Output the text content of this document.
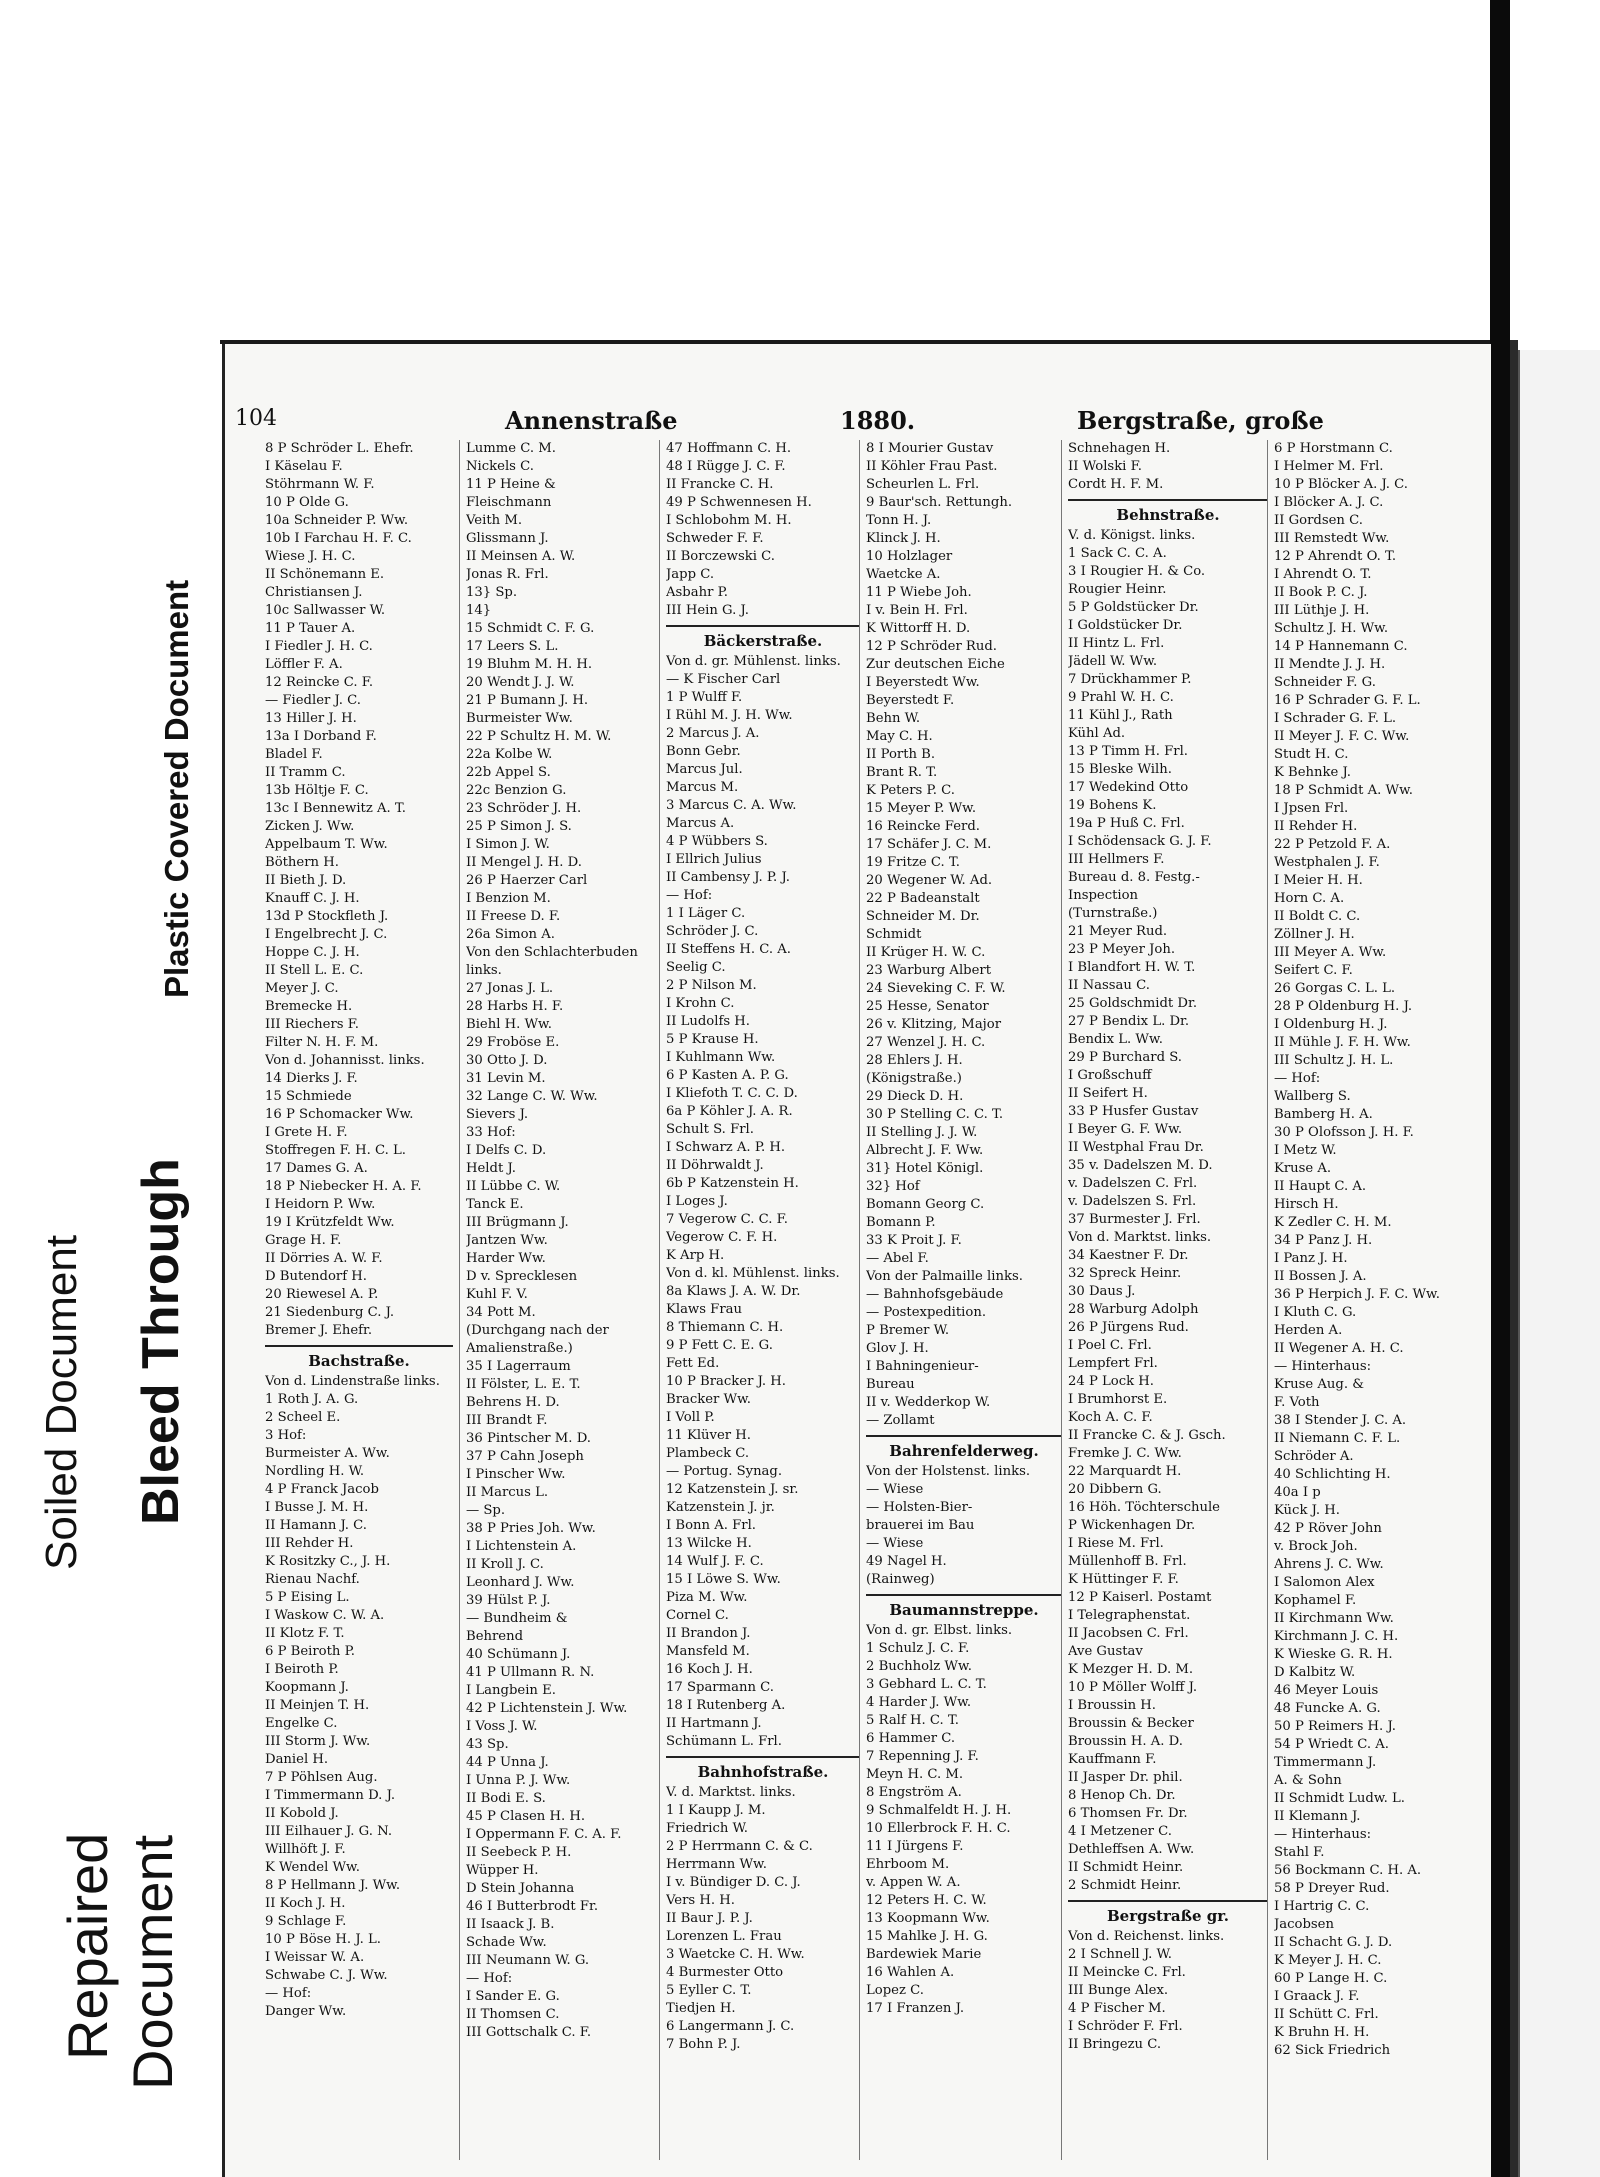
Soiled Document Bleed Through
Plastic Covered Document
Repaired Document
104	Annenstraße	1880.	Bergstraße, große
8 P Schröder L. Ehefr.
I Käselau F.
Stöhrmann W. F.
10 P Olde G.
10a Schneider P. Ww.
10b I Farchau H. F. C.
Wiese J. H. C.
II Schönemann E.
Christiansen J.
10c Sallwasser W.
11 P Tauer A.
I Fiedler J. H. C.
Löffler F. A.
12 Reincke C. F.
— Fiedler J. C.
13 Hiller J. H.
13a I Dorband F.
Bladel F.
II Tramm C.
13b Höltje F. C.
13c I Bennewitz A. T.
Zicken J. Ww.
Appelbaum T. Ww.
Böthern H.
II Bieth J. D.
Knauff C. J. H.
13d P Stockfleth J.
I Engelbrecht J. C.
Hoppe C. J. H.
II Stell L. E. C.
Meyer J. C.
Bremecke H.
III Riechers F.
Filter N. H. F. M.
Von d. Johannisst. links.
14 Dierks J. F.
15 Schmiede
16 P Schomacker Ww.
I Grete H. F.
Stoffregen F. H. C. L.
17 Dames G. A.
18 P Niebecker H. A. F.
I Heidorn P. Ww.
19 I Krützfeldt Ww.
Grage H. F.
II Dörries A. W. F.
D Butendorf H.
20 Riewesel A. P.
21 Siedenburg C. J.
Bremer J. Ehefr.
Bachstraße.
Von d. Lindenstraße links.
1 Roth J. A. G.
2 Scheel E.
3 Hof:
Burmeister A. Ww.
Nordling H. W.
4 P Franck Jacob
I Busse J. M. H.
II Hamann J. C.
III Rehder H.
K Rositzky C., J. H.
Rienau Nachf.
5 P Eising L.
I Waskow C. W. A.
II Klotz F. T.
6 P Beiroth P.
I Beiroth P.
Koopmann J.
II Meinjen T. H.
Engelke C.
III Storm J. Ww.
Daniel H.
7 P Pöhlsen Aug.
I Timmermann D. J.
II Kobold J.
III Eilhauer J. G. N.
Willhöft J. F.
K Wendel Ww.
8 P Hellmann J. Ww.
II Koch J. H.
9 Schlage F.
10 P Böse H. J. L.
I Weissar W. A.
Schwabe C. J. Ww.
— Hof:
Danger Ww.
Lumme C. M.
Nickels C.
11 P Heine &
Fleischmann
Veith M.
Glissmann J.
II Meinsen A. W.
Jonas R. Frl.
13} Sp.
14}
15 Schmidt C. F. G.
17 Leers S. L.
19 Bluhm M. H. H.
20 Wendt J. J. W.
21 P Bumann J. H.
Burmeister Ww.
22 P Schultz H. M. W.
22a Kolbe W.
22b Appel S.
22c Benzion G.
23 Schröder J. H.
25 P Simon J. S.
I Simon J. W.
II Mengel J. H. D.
26 P Haerzer Carl
I Benzion M.
II Freese D. F.
26a Simon A.
Von den Schlachterbuden
links.
27 Jonas J. L.
28 Harbs H. F.
Biehl H. Ww.
29 Froböse E.
30 Otto J. D.
31 Levin M.
32 Lange C. W. Ww.
Sievers J.
33 Hof:
I Delfs C. D.
Heldt J.
II Lübbe C. W.
Tanck E.
III Brügmann J.
Jantzen Ww.
Harder Ww.
D v. Sprecklesen
Kuhl F. V.
34 Pott M.
(Durchgang nach der
Amalienstraße.)
35 I Lagerraum
II Fölster, L. E. T.
Behrens H. D.
III Brandt F.
36 Pintscher M. D.
37 P Cahn Joseph
I Pinscher Ww.
II Marcus L.
— Sp.
38 P Pries Joh. Ww.
I Lichtenstein A.
II Kroll J. C.
Leonhard J. Ww.
39 Hülst P. J.
— Bundheim &
Behrend
40 Schümann J.
41 P Ullmann R. N.
I Langbein E.
42 P Lichtenstein J. Ww.
I Voss J. W.
43 Sp.
44 P Unna J.
I Unna P. J. Ww.
II Bodi E. S.
45 P Clasen H. H.
I Oppermann F. C. A. F.
II Seebeck P. H.
Wüpper H.
D Stein Johanna
46 I Butterbrodt Fr.
II Isaack J. B.
Schade Ww.
III Neumann W. G.
— Hof:
I Sander E. G.
II Thomsen C.
III Gottschalk C. F.
47 Hoffmann C. H.
48 I Rügge J. C. F.
II Francke C. H.
49 P Schwennesen H.
I Schlobohm M. H.
Schweder F. F.
II Borczewski C.
Japp C.
Asbahr P.
III Hein G. J.
Bäckerstraße.
Von d. gr. Mühlenst. links.
— K Fischer Carl
1 P Wulff F.
I Rühl M. J. H. Ww.
2 Marcus J. A.
Bonn Gebr.
Marcus Jul.
Marcus M.
3 Marcus C. A. Ww.
Marcus A.
4 P Wübbers S.
I Ellrich Julius
II Cambensy J. P. J.
— Hof:
1 I Läger C.
Schröder J. C.
II Steffens H. C. A.
Seelig C.
2 P Nilson M.
I Krohn C.
II Ludolfs H.
5 P Krause H.
I Kuhlmann Ww.
6 P Kasten A. P. G.
I Kliefoth T. C. C. D.
6a P Köhler J. A. R.
Schult S. Frl.
I Schwarz A. P. H.
II Döhrwaldt J.
6b P Katzenstein H.
I Loges J.
7 Vegerow C. C. F.
Vegerow C. F. H.
K Arp H.
Von d. kl. Mühlenst. links.
8a Klaws J. A. W. Dr.
Klaws Frau
8 Thiemann C. H.
9 P Fett C. E. G.
Fett Ed.
10 P Bracker J. H.
Bracker Ww.
I Voll P.
11 Klüver H.
Plambeck C.
— Portug. Synag.
12 Katzenstein J. sr.
Katzenstein J. jr.
I Bonn A. Frl.
13 Wilcke H.
14 Wulf J. F. C.
15 I Löwe S. Ww.
Piza M. Ww.
Cornel C.
II Brandon J.
Mansfeld M.
16 Koch J. H.
17 Sparmann C.
18 I Rutenberg A.
II Hartmann J.
Schümann L. Frl.
Bahnhofstraße.
V. d. Marktst. links.
1 I Kaupp J. M.
Friedrich W.
2 P Herrmann C. & C.
Herrmann Ww.
I v. Bündiger D. C. J.
Vers H. H.
II Baur J. P. J.
Lorenzen L. Frau
3 Waetcke C. H. Ww.
4 Burmester Otto
5 Eyller C. T.
Tiedjen H.
6 Langermann J. C.
7 Bohn P. J.
8 I Mourier Gustav
II Köhler Frau Past.
Scheurlen L. Frl.
9 Baur'sch. Rettungh.
Tonn H. J.
Klinck J. H.
10 Holzlager
Waetcke A.
11 P Wiebe Joh.
I v. Bein H. Frl.
K Wittorff H. D.
12 P Schröder Rud.
Zur deutschen Eiche
I Beyerstedt Ww.
Beyerstedt F.
Behn W.
May C. H.
II Porth B.
Brant R. T.
K Peters P. C.
15 Meyer P. Ww.
16 Reincke Ferd.
17 Schäfer J. C. M.
19 Fritze C. T.
20 Wegener W. Ad.
22 P Badeanstalt
Schneider M. Dr.
Schmidt
II Krüger H. W. C.
23 Warburg Albert
24 Sieveking C. F. W.
25 Hesse, Senator
26 v. Klitzing, Major
27 Wenzel J. H. C.
28 Ehlers J. H.
(Königstraße.)
29 Dieck D. H.
30 P Stelling C. C. T.
II Stelling J. J. W.
Albrecht J. F. Ww.
31} Hotel Königl.
32} Hof
Bomann Georg C.
Bomann P.
33 K Proit J. F.
— Abel F.
Von der Palmaille links.
— Bahnhofsgebäude
— Postexpedition.
P Bremer W.
Glov J. H.
I Bahningenieur-
Bureau
II v. Wedderkop W.
— Zollamt
Bahrenfelderweg.
Von der Holstenst. links.
— Wiese
— Holsten-Bier-
brauerei im Bau
— Wiese
49 Nagel H.
(Rainweg)
Baumannstreppe.
Von d. gr. Elbst. links.
1 Schulz J. C. F.
2 Buchholz Ww.
3 Gebhard L. C. T.
4 Harder J. Ww.
5 Ralf H. C. T.
6 Hammer C.
7 Repenning J. F.
Meyn H. C. M.
8 Engström A.
9 Schmalfeldt H. J. H.
10 Ellerbrock F. H. C.
11 I Jürgens F.
Ehrboom M.
v. Appen W. A.
12 Peters H. C. W.
13 Koopmann Ww.
15 Mahlke J. H. G.
Bardewiek Marie
16 Wahlen A.
Lopez C.
17 I Franzen J.
Schnehagen H.
II Wolski F.
Cordt H. F. M.
Behnstraße.
V. d. Königst. links.
1 Sack C. C. A.
3 I Rougier H. & Co.
Rougier Heinr.
5 P Goldstücker Dr.
I Goldstücker Dr.
II Hintz L. Frl.
Jädell W. Ww.
7 Drückhammer P.
9 Prahl W. H. C.
11 Kühl J., Rath
Kühl Ad.
13 P Timm H. Frl.
15 Bleske Wilh.
17 Wedekind Otto
19 Bohens K.
19a P Huß C. Frl.
I Schödensack G. J. F.
III Hellmers F.
Bureau d. 8. Festg.-
Inspection
(Turnstraße.)
21 Meyer Rud.
23 P Meyer Joh.
I Blandfort H. W. T.
II Nassau C.
25 Goldschmidt Dr.
27 P Bendix L. Dr.
Bendix L. Ww.
29 P Burchard S.
I Großschuff
II Seifert H.
33 P Husfer Gustav
I Beyer G. F. Ww.
II Westphal Frau Dr.
35 v. Dadelszen M. D.
v. Dadelszen C. Frl.
v. Dadelszen S. Frl.
37 Burmester J. Frl.
Von d. Marktst. links.
34 Kaestner F. Dr.
32 Spreck Heinr.
30 Daus J.
28 Warburg Adolph
26 P Jürgens Rud.
I Poel C. Frl.
Lempfert Frl.
24 P Lock H.
I Brumhorst E.
Koch A. C. F.
II Francke C. & J. Gsch.
Fremke J. C. Ww.
22 Marquardt H.
20 Dibbern G.
16 Höh. Töchterschule
P Wickenhagen Dr.
I Riese M. Frl.
Müllenhoff B. Frl.
K Hüttinger F. F.
12 P Kaiserl. Postamt
I Telegraphenstat.
II Jacobsen C. Frl.
Ave Gustav
K Mezger H. D. M.
10 P Möller Wolff J.
I Broussin H.
Broussin & Becker
Broussin H. A. D.
Kauffmann F.
II Jasper Dr. phil.
8 Henop Ch. Dr.
6 Thomsen Fr. Dr.
4 I Metzener C.
Dethleffsen A. Ww.
II Schmidt Heinr.
2 Schmidt Heinr.
Bergstraße gr.
Von d. Reichenst. links.
2 I Schnell J. W.
II Meincke C. Frl.
III Bunge Alex.
4 P Fischer M.
I Schröder F. Frl.
II Bringezu C.
6 P Horstmann C.
I Helmer M. Frl.
10 P Blöcker A. J. C.
I Blöcker A. J. C.
II Gordsen C.
III Remstedt Ww.
12 P Ahrendt O. T.
I Ahrendt O. T.
II Book P. C. J.
III Lüthje J. H.
Schultz J. H. Ww.
14 P Hannemann C.
II Mendte J. J. H.
Schneider F. G.
16 P Schrader G. F. L.
I Schrader G. F. L.
II Meyer J. F. C. Ww.
Studt H. C.
K Behnke J.
18 P Schmidt A. Ww.
I Jpsen Frl.
II Rehder H.
22 P Petzold F. A.
Westphalen J. F.
I Meier H. H.
Horn C. A.
II Boldt C. C.
Zöllner J. H.
III Meyer A. Ww.
Seifert C. F.
26 Gorgas C. L. L.
28 P Oldenburg H. J.
I Oldenburg H. J.
II Mühle J. F. H. Ww.
III Schultz J. H. L.
— Hof:
Wallberg S.
Bamberg H. A.
30 P Olofsson J. H. F.
I Metz W.
Kruse A.
II Haupt C. A.
Hirsch H.
K Zedler C. H. M.
34 P Panz J. H.
I Panz J. H.
II Bossen J. A.
36 P Herpich J. F. C. Ww.
I Kluth C. G.
Herden A.
II Wegener A. H. C.
— Hinterhaus:
Kruse Aug. &
F. Voth
38 I Stender J. C. A.
II Niemann C. F. L.
Schröder A.
40 Schlichting H.
40a I p
Kück J. H.
42 P Röver John
v. Brock Joh.
Ahrens J. C. Ww.
I Salomon Alex
Kophamel F.
II Kirchmann Ww.
Kirchmann J. C. H.
K Wieske G. R. H.
D Kalbitz W.
46 Meyer Louis
48 Funcke A. G.
50 P Reimers H. J.
54 P Wriedt C. A.
Timmermann J.
A. & Sohn
II Schmidt Ludw. L.
II Klemann J.
— Hinterhaus:
Stahl F.
56 Bockmann C. H. A.
58 P Dreyer Rud.
I Hartrig C. C.
Jacobsen
II Schacht G. J. D.
K Meyer J. H. C.
60 P Lange H. C.
I Graack J. F.
II Schütt C. Frl.
K Bruhn H. H.
62 Sick Friedrich
